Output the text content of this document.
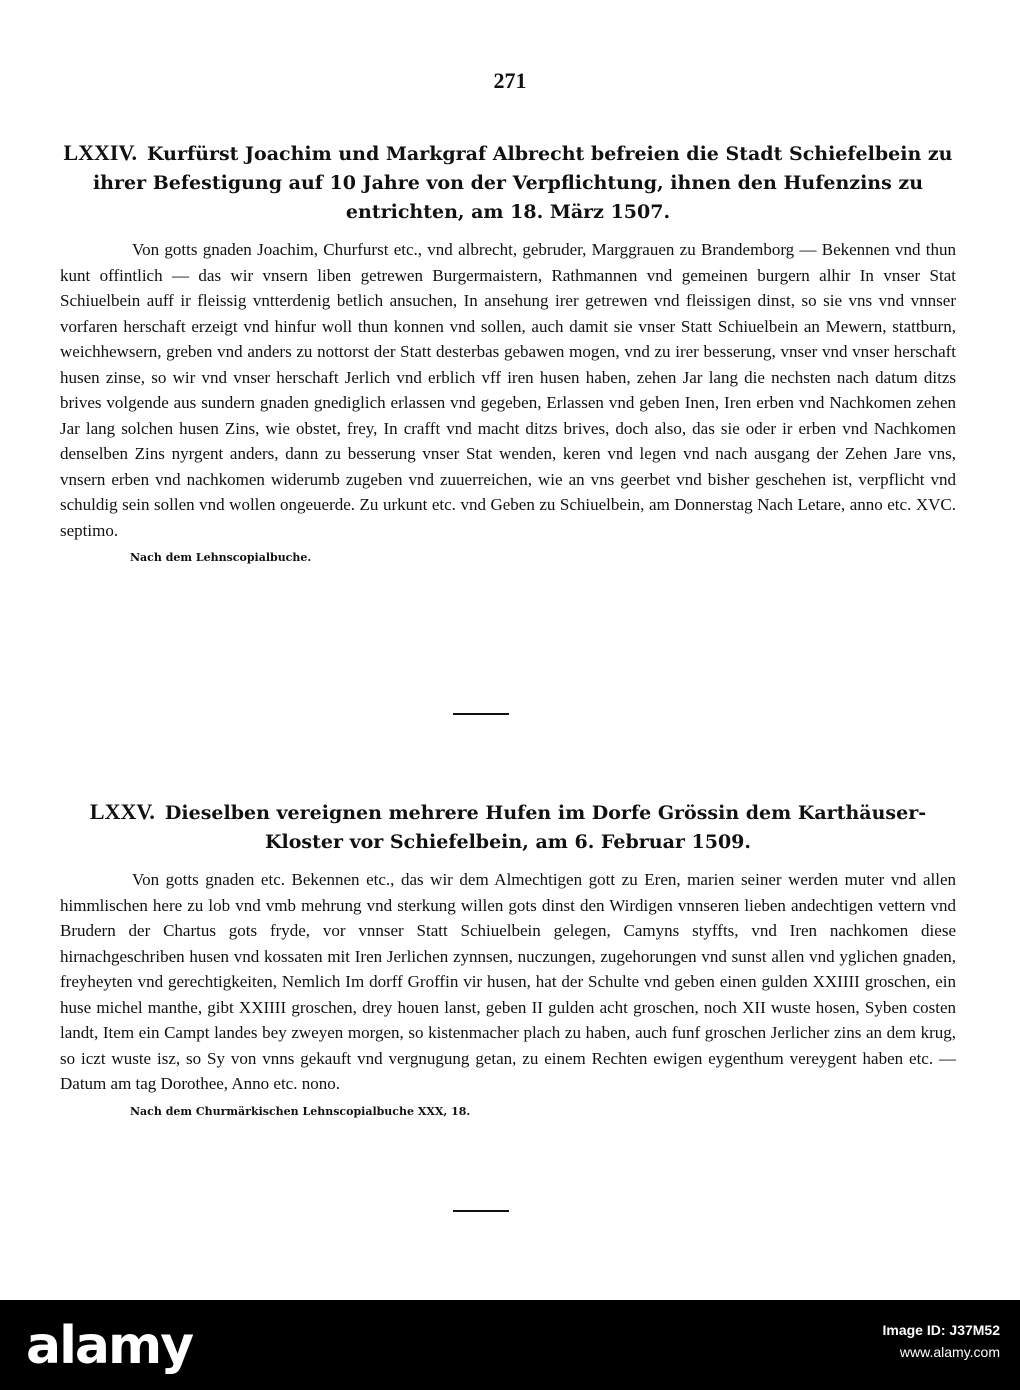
271
LXXIV. Kurfürst Joachim und Markgraf Albrecht befreien die Stadt Schiefelbein zu ihrer Befestigung auf 10 Jahre von der Verpflichtung, ihnen den Hufenzins zu entrichten, am 18. März 1507.
Von gotts gnaden Joachim, Churfurst etc., vnd albrecht, gebruder, Marggrauen zu Brandemborg — Bekennen vnd thun kunt offintlich — das wir vnsern liben getrewen Burgermaistern, Rathmannen vnd gemeinen burgern alhir In vnser Stat Schiuelbein auff ir fleissig vntterdenig betlich ansuchen, In ansehung irer getrewen vnd fleissigen dinst, so sie vns vnd vnnser vorfaren herschaft erzeigt vnd hinfur woll thun konnen vnd sollen, auch damit sie vnser Statt Schiuelbein an Mewern, stattburn, weichhewsern, greben vnd anders zu nottorst der Statt desterbas gebawen mogen, vnd zu irer besserung, vnser vnd vnser herschaft husen zinse, so wir vnd vnser herschaft Jerlich vnd erblich vff iren husen haben, zehen Jar lang die nechsten nach datum ditzs brives volgende aus sundern gnaden gnediglich erlassen vnd gegeben, Erlassen vnd geben Inen, Iren erben vnd Nachkomen zehen Jar lang solchen husen Zins, wie obstet, frey, In crafft vnd macht ditzs brives, doch also, das sie oder ir erben vnd Nachkomen denselben Zins nyrgent anders, dann zu besserung vnser Stat wenden, keren vnd legen vnd nach ausgang der Zehen Jare vns, vnsern erben vnd nachkomen widerumb zugeben vnd zuuerreichen, wie an vns geerbet vnd bisher geschehen ist, verpflicht vnd schuldig sein sollen vnd wollen ongeuerde. Zu urkunt etc. vnd Geben zu Schiuelbein, am Donnerstag Nach Letare, anno etc. XVC. septimo.
Nach dem Lehnscopialbuche.
LXXV. Dieselben vereignen mehrere Hufen im Dorfe Grössin dem Karthäuser-Kloster vor Schiefelbein, am 6. Februar 1509.
Von gotts gnaden etc. Bekennen etc., das wir dem Almechtigen gott zu Eren, marien seiner werden muter vnd allen himmlischen here zu lob vnd vmb mehrung vnd sterkung willen gots dinst den Wirdigen vnnseren lieben andechtigen vettern vnd Brudern der Chartus gots fryde, vor vnnser Statt Schiuelbein gelegen, Camyns styffts, vnd Iren nachkomen diese hirnachgeschriben husen vnd kossaten mit Iren Jerlichen zynnsen, nuczungen, zugehorungen vnd sunst allen vnd yglichen gnaden, freyheyten vnd gerechtigkeiten, Nemlich Im dorff Groffin vir husen, hat der Schulte vnd geben einen gulden XXIIII groschen, ein huse michel manthe, gibt XXIIII groschen, drey houen lanst, geben II gulden acht groschen, noch XII wuste hosen, Syben costen landt, Item ein Campt landes bey zweyen morgen, so kistenmacher plach zu haben, auch funf groschen Jerlicher zins an dem krug, so iczt wuste isz, so Sy von vnns gekauft vnd vergnugung getan, zu einem Rechten ewigen eygenthum vereygent haben etc. — Datum am tag Dorothee, Anno etc. nono.
Nach dem Churmärkischen Lehnscopialbuche XXX, 18.
alamy	Image ID: J37M52
www.alamy.com
